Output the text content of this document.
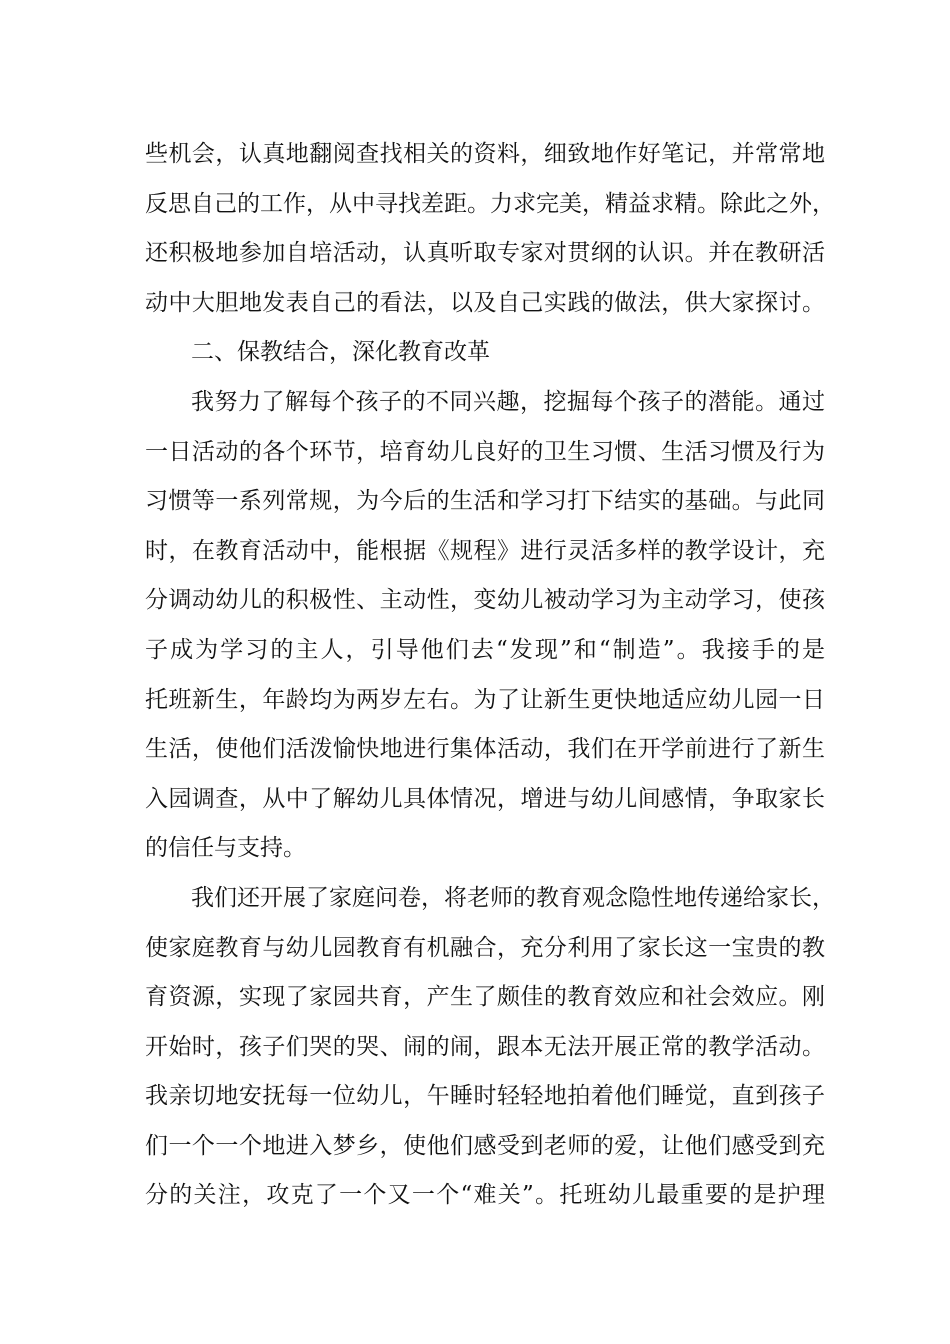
些机会，认真地翻阅查找相关的资料，细致地作好笔记，并常常地
反思自己的工作，从中寻找差距。力求完美，精益求精。除此之外，
还积极地参加自培活动，认真听取专家对贯纲的认识。并在教研活
动中大胆地发表自己的看法，以及自己实践的做法，供大家探讨。
二、保教结合，深化教育改革
我努力了解每个孩子的不同兴趣，挖掘每个孩子的潜能。通过
一日活动的各个环节，培育幼儿良好的卫生习惯、生活习惯及行为
习惯等一系列常规，为今后的生活和学习打下结实的基础。与此同
时，在教育活动中，能根据《规程》进行灵活多样的教学设计，充
分调动幼儿的积极性、主动性，变幼儿被动学习为主动学习，使孩
子成为学习的主人，引导他们去“发现”和“制造”。我接手的是
托班新生，年龄均为两岁左右。为了让新生更快地适应幼儿园一日
生活，使他们活泼愉快地进行集体活动，我们在开学前进行了新生
入园调查，从中了解幼儿具体情况，增进与幼儿间感情，争取家长
的信任与支持。
我们还开展了家庭问卷，将老师的教育观念隐性地传递给家长，
使家庭教育与幼儿园教育有机融合，充分利用了家长这一宝贵的教
育资源，实现了家园共育，产生了颇佳的教育效应和社会效应。刚
开始时，孩子们哭的哭、闹的闹，跟本无法开展正常的教学活动。
我亲切地安抚每一位幼儿，午睡时轻轻地拍着他们睡觉，直到孩子
们一个一个地进入梦乡，使他们感受到老师的爱，让他们感受到充
分的关注，攻克了一个又一个“难关”。托班幼儿最重要的是护理
